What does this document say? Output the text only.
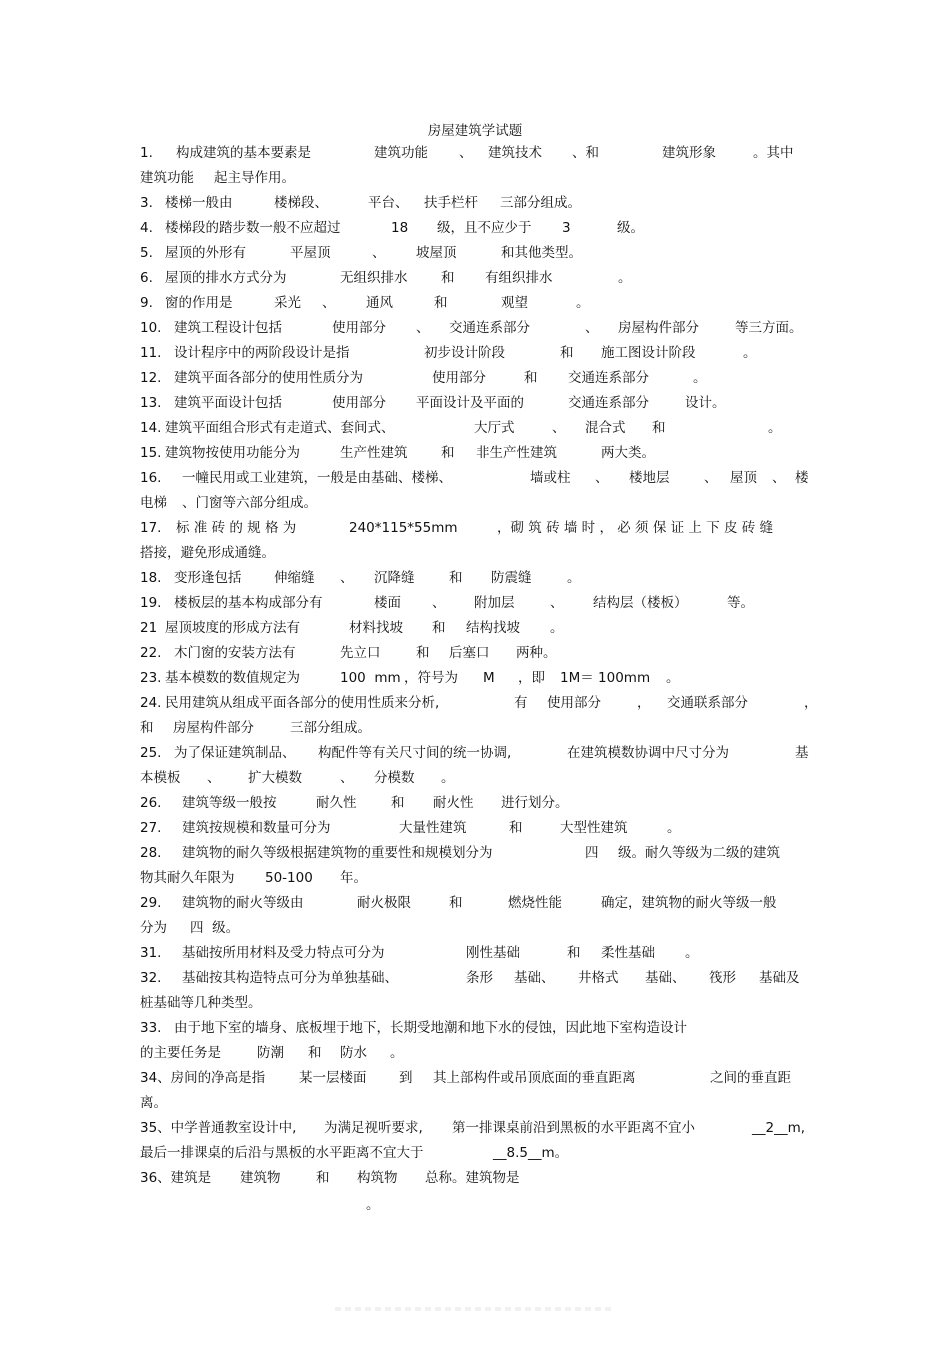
房屋建筑学试题
1. 构成建筑的基本要素是	建筑功能 、 建筑技术 、和	建筑形象	。其中
建筑功能 起主导作用。
3. 楼梯一般由	楼梯段、	平台、 扶手栏杆 三部分组成。
4. 楼梯段的踏步数一般不应超过	18 级，且不应少于 3	级。
5. 屋顶的外形有	平屋顶	、 坡屋顶	和其他类型。
6. 屋顶的排水方式分为	无组织排水 和 有组织排水	。
9. 窗的作用是	采光 、 通风	和	观望	。
10. 建筑工程设计包括	使用部分 、 交通连系部分	、 房屋构件部分	等三方面。
11. 设计程序中的两阶段设计是指	初步设计阶段	和 施工图设计阶段	。
12. 建筑平面各部分的使用性质分为	使用部分	和 交通连系部分	。
13. 建筑平面设计包括	使用部分 平面设计及平面的	交通连系部分	设计。
14. 建筑平面组合形式有走道式、套间式、	大厅式	、 混合式 和	。
15. 建筑物按使用功能分为	生产性建筑 和 非生产性建筑	两大类。
16. 一幢民用或工业建筑，一般是由基础、楼梯、	墙或柱 、 楼地层	、 屋顶 、 楼
电梯 、门窗等六部分组成。
17. 标 准 砖 的 规 格 为	240*115*55mm	，砌 筑 砖 墙 时 ， 必 须 保 证 上 下 皮 砖 缝
搭接，避免形成通缝。
18. 变形逢包括 伸缩缝 、 沉降缝	和 防震缝	。
19. 楼板层的基本构成部分有	楼面 、 附加层	、 结构层（楼板）	等。
21 屋顶坡度的形成方法有	材料找坡 和 结构找坡 。
22. 木门窗的安装方法有	先立口	和 后塞口 两种。
23. 基本模数的数值规定为	100  mm ，符号为 M ，即 1M＝ 100mm 。
24. 民用建筑从组成平面各部分的使用性质来分析,	有 使用部分	， 交通联系部分	，
和 房屋构件部分	三部分组成。
25. 为了保证建筑制品、 构配件等有关尺寸间的统一协调,	在建筑模数协调中尺寸分为	基
本模板 、 扩大模数	、 分模数 。
26. 建筑等级一般按	耐久性	和 耐火性 进行划分。
27. 建筑按规模和数量可分为	大量性建筑	和	大型性建筑	。
28. 建筑物的耐久等级根据建筑物的重要性和规模划分为	四 级。耐久等级为二级的建筑
物其耐久年限为 50-100 年。
29. 建筑物的耐火等级由	耐火极限	和	燃烧性能	确定，建筑物的耐火等级一般
分为 四  级。
31. 基础按所用材料及受力特点可分为	刚性基础	和 柔性基础 。
32. 基础按其构造特点可分为单独基础、	条形 基础、 井格式 基础、 筏形 基础及
桩基础等几种类型。
33. 由于地下室的墙身、底板埋于地下，长期受地潮和地下水的侵蚀，因此地下室构造设计
的主要任务是	防潮 和 防水 。
34、房间的净高是指	某一层楼面 到 其上部构件或吊顶底面的垂直距离	之间的垂直距
离。
35、中学普通教室设计中, 为满足视听要求, 第一排课桌前沿到黑板的水平距离不宜小	__2__m,
最后一排课桌的后沿与黑板的水平距离不宜大于	__8.5__m。
36、建筑是 建筑物	和 构筑物 总称。建筑物是
。
